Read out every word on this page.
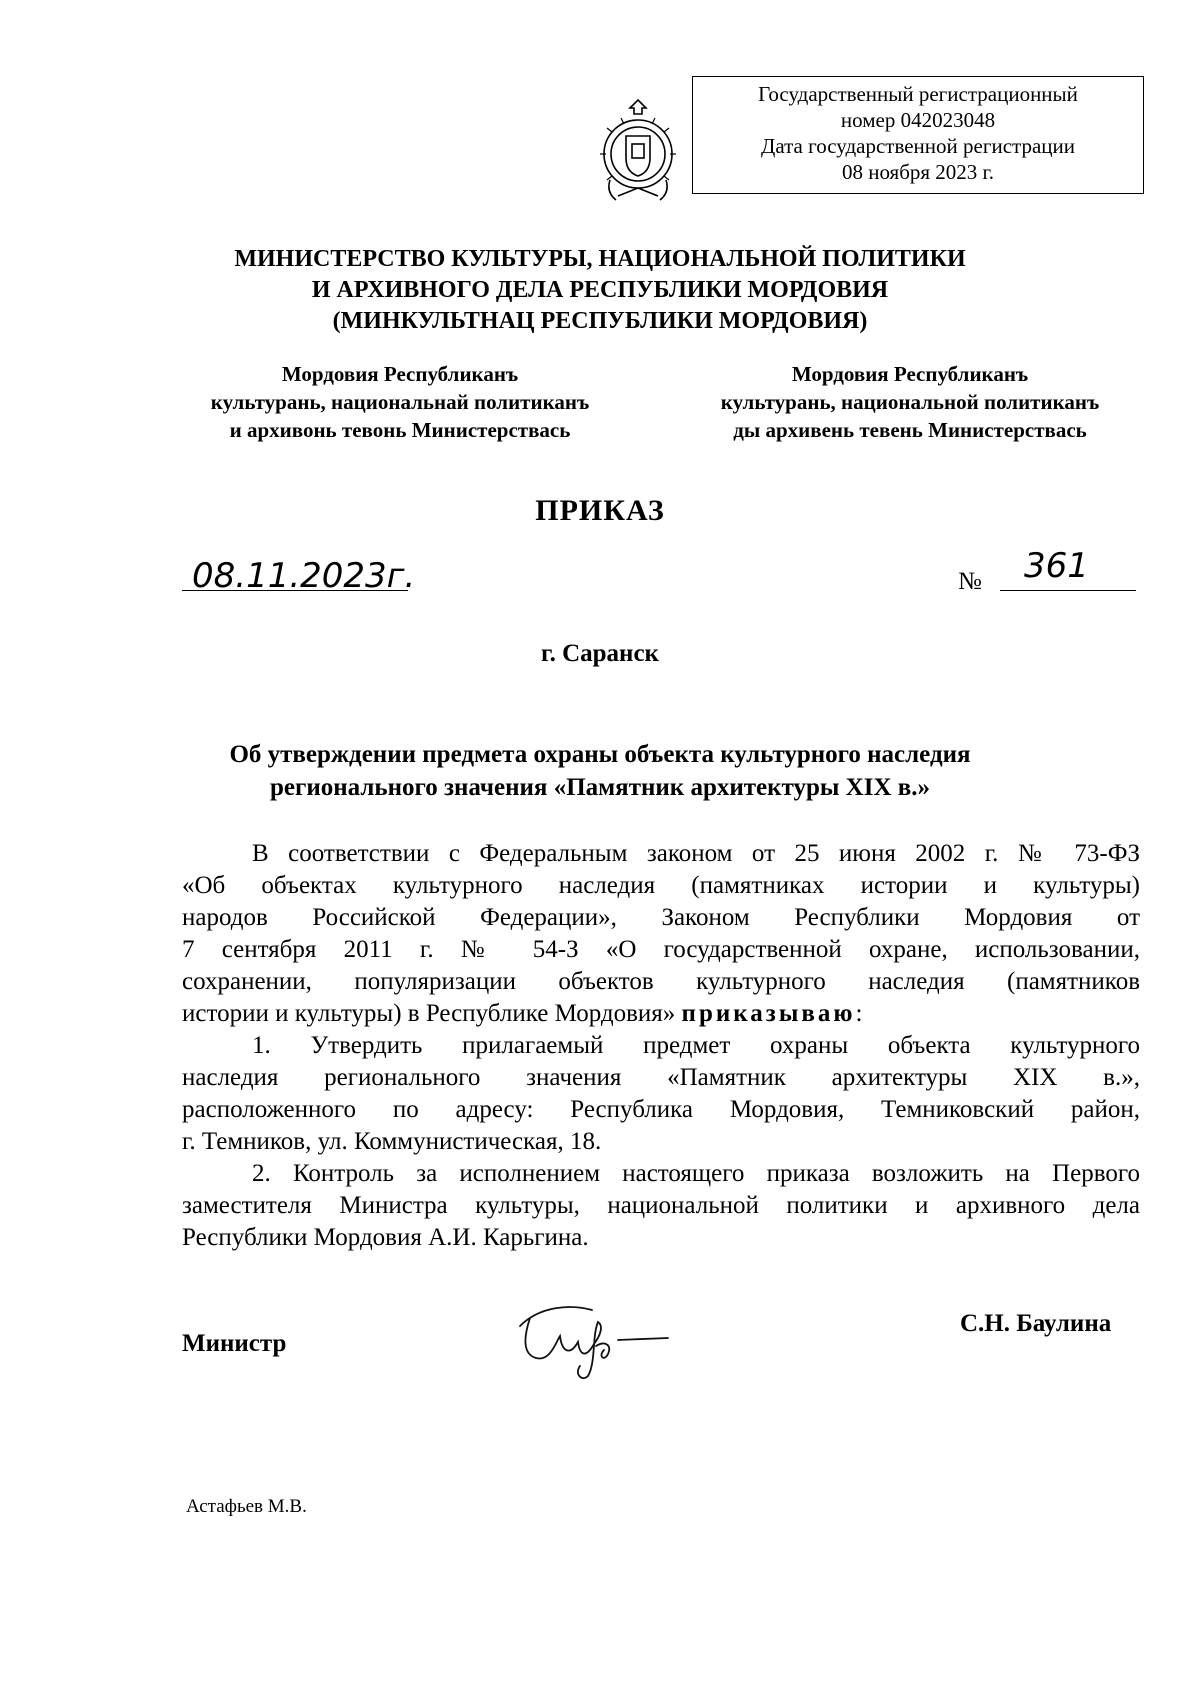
Государственный регистрационный
номер 042023048
Дата государственной регистрации
08 ноября 2023 г.
МИНИСТЕРСТВО КУЛЬТУРЫ, НАЦИОНАЛЬНОЙ ПОЛИТИКИ
И АРХИВНОГО ДЕЛА РЕСПУБЛИКИ МОРДОВИЯ
(МИНКУЛЬТНАЦ РЕСПУБЛИКИ МОРДОВИЯ)
Мордовия Республиканъ
культурань, национальнай политиканъ
и архивонь тевонь Министерствась
Мордовия Республиканъ
культурань, национальной политиканъ
ды архивень тевень Министерствась
ПРИКАЗ
08.11.2023г.	№ 361
г. Саранск
Об утверждении предмета охраны объекта культурного наследия
регионального значения «Памятник архитектуры XIX в.»
В соответствии с Федеральным законом от 25 июня 2002 г. № 73-ФЗ
«Об объектах культурного наследия (памятниках истории и культуры)
народов Российской Федерации», Законом Республики Мордовия от
7 сентября 2011 г. № 54-З «О государственной охране, использовании,
сохранении, популяризации объектов культурного наследия (памятников
истории и культуры) в Республике Мордовия» приказываю:
1. Утвердить прилагаемый предмет охраны объекта культурного
наследия регионального значения «Памятник архитектуры XIX в.»,
расположенного по адресу: Республика Мордовия, Темниковский район,
г. Темников, ул. Коммунистическая, 18.
2. Контроль за исполнением настоящего приказа возложить на Первого
заместителя Министра культуры, национальной политики и архивного дела
Республики Мордовия А.И. Карьгина.
Министр
С.Н. Баулина
Астафьев М.В.
